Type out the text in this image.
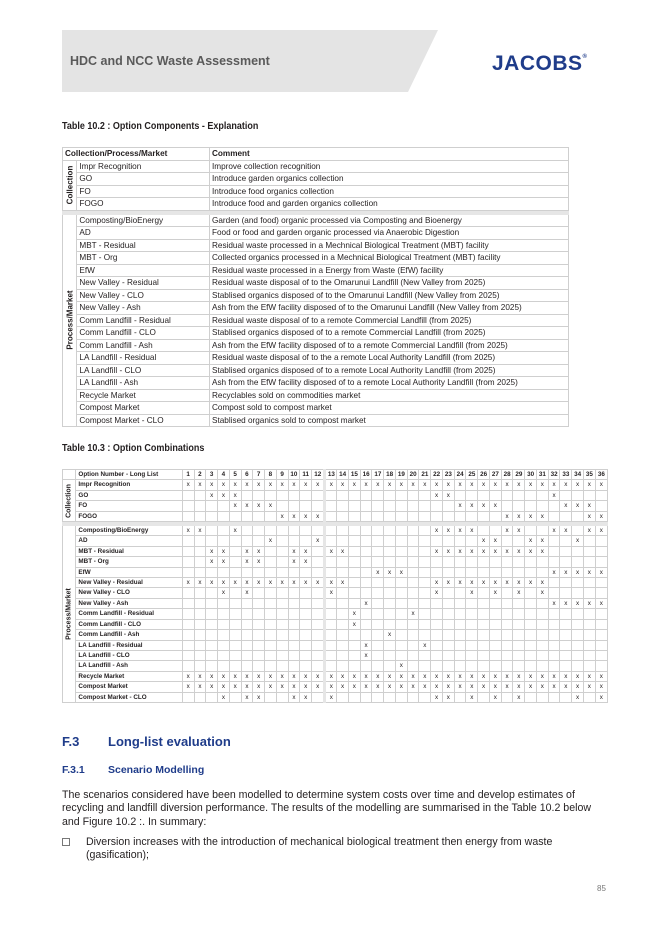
HDC and NCC Waste Assessment	JACOBS®
Table 10.2 : Option Components - Explanation
Collection/Process/Market		Comment

Collection	Impr Recognition	Improve collection recognition
	GO	Introduce garden organics collection
	FO	Introduce food organics collection
	FOGO	Introduce food and garden organics collection

Process/Market	Composting/BioEnergy	Garden (and food) organic processed via Composting and Bioenergy
	AD	Food or food and garden organic processed via Anaerobic Digestion
	MBT - Residual	Residual waste processed in a Mechnical Biological Treatment (MBT) facility
	MBT - Org	Collected organics processed in a Mechnical Biological Treatment (MBT) facility
	EfW	Residual waste processed in a Energy from Waste (EfW) facility
	New Valley - Residual	Residual waste disposal of to the Omarunui Landfill (New Valley from 2025)
	New Valley - CLO	Stablised organics disposed of to the Omarunui Landfill (New Valley from 2025)
	New Valley - Ash	Ash from the EfW facility disposed of to the Omarunui Landfill (New Valley from 2025)
	Comm Landfill - Residual	Residual waste disposal of to a remote Commercial Landfill (from 2025)
	Comm Landfill - CLO	Stablised organics disposed of to a remote Commercial Landfill (from 2025)
	Comm Landfill - Ash	Ash from the EfW facility disposed of to a remote Commercial Landfill (from 2025)
	LA Landfill - Residual	Residual waste disposal of to the a remote Local Authority Landfill (from 2025)
	LA Landfill - CLO	Stablised organics disposed of to a remote Local Authority Landfill (from 2025)
	LA Landfill - Ash	Ash from the EfW facility disposed of to a remote Local Authority Landfill (from 2025)
	Recycle Market	Recyclables sold on commodities market
	Compost Market	Compost sold to compost market
	Compost Market - CLO	Stablised organics sold to compost market
Table 10.3 : Option Combinations
	Option Number - Long List	1	2	3	4	5	6	7	8	9	10	11	12	13	14	15	16	17	18	19	20	21	22	23	24	25	26	27	28	29	30	31	32	33	34	35	36

Collection	Impr Recognition	x	x	x	x	x	x	x	x	x	x	x	x	x	x	x	x	x	x	x	x	x	x	x	x	x	x	x	x	x	x	x	x	x	x	x	x
	GO			x	x	x																	x	x									x				
	FO					x	x	x	x																x	x	x	x						x	x	x	
	FOGO									x	x	x	x																x	x	x	x				x	x

Process/Market	Composting/BioEnergy	x	x			x																	x	x	x	x			x	x			x	x		x	x
	AD								x				x														x	x			x	x			x		
	MBT - Residual			x	x		x	x			x	x		x	x								x	x	x	x	x	x	x	x	x	x					
	MBT - Org			x	x		x	x			x	x																									
	EfW																	x	x	x													x	x	x	x	x
	New Valley - Residual	x	x	x	x	x	x	x	x	x	x	x	x	x	x								x	x	x	x	x	x	x	x	x	x					
	New Valley - CLO				x		x							x									x			x		x		x		x					
	New Valley - Ash																x																x	x	x	x	x
	Comm Landfill - Residual															x					x																
	Comm Landfill - CLO															x																					
	Comm Landfill - Ash																		x																		
	LA Landfill - Residual																x					x															
	LA Landfill - CLO																x																				
	LA Landfill - Ash																			x																	
	Recycle Market	x	x	x	x	x	x	x	x	x	x	x	x	x	x	x	x	x	x	x	x	x	x	x	x	x	x	x	x	x	x	x	x	x	x	x	x
	Compost Market	x	x	x	x	x	x	x	x	x	x	x	x	x	x	x	x	x	x	x	x	x	x	x	x	x	x	x	x	x	x	x	x	x	x	x	x
	Compost Market - CLO				x		x	x			x	x		x									x	x		x		x		x					x		x
F.3 Long-list evaluation
F.3.1 Scenario Modelling
The scenarios considered have been modelled to determine system costs over time and develop estimates of recycling and landfill diversion performance. The results of the modelling are summarised in the Table 10.2 below and Figure 10.2 :. In summary:
Diversion increases with the introduction of mechanical biological treatment then energy from waste (gasification);
85
